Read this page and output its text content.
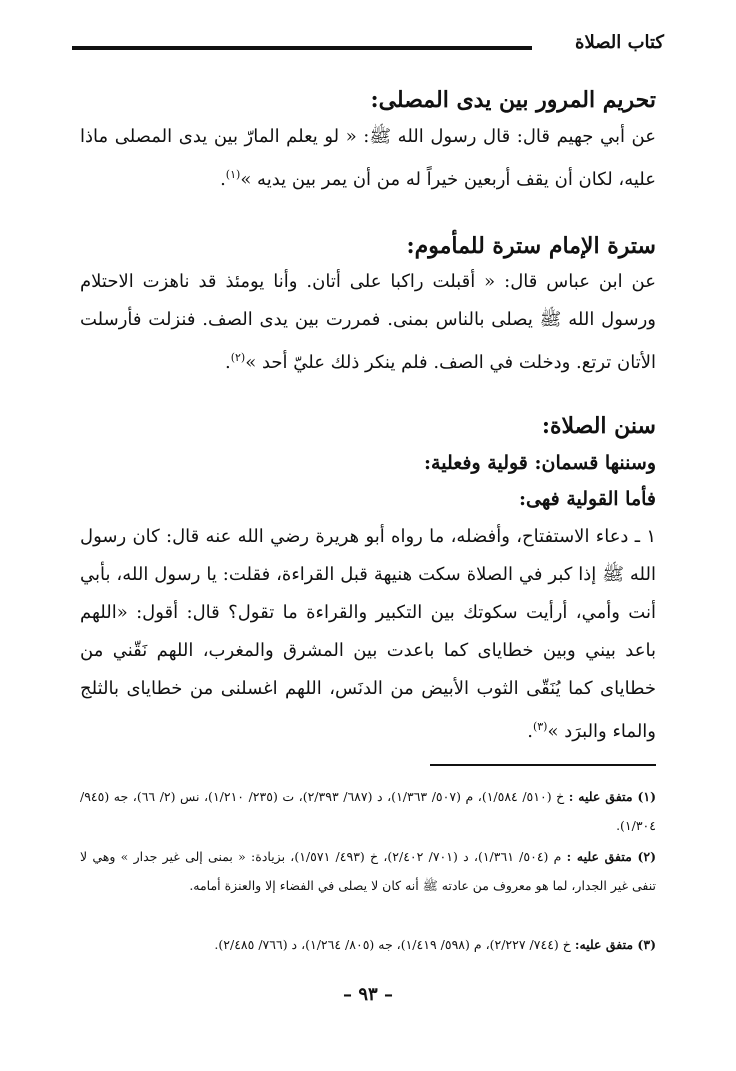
كتاب الصلاة
تحريم المرور بين يدى المصلى:

عن أبي جهيم قال: قال رسول الله ﷺ: « لو يعلم المارّ بين يدى المصلى ماذا عليه، لكان أن يقف أربعين خيراً له من أن يمر بين يديه »$^{(١)}$.

سترة الإمام سترة للمأموم:

عن ابن عباس قال: « أقبلت راكبا على أتان. وأنا يومئذ قد ناهزت الاحتلام ورسول الله ﷺ يصلى بالناس بمنى. فمررت بين يدى الصف. فنزلت فأرسلت الأتان ترتع. ودخلت في الصف. فلم ينكر ذلك عليّ أحد »$^{(٢)}$.

سنن الصلاة:
وسننها قسمان: قولية وفعلية:
فأما القولية فهى:

١ ـ دعاء الاستفتاح، وأفضله، ما رواه أبو هريرة رضي الله عنه قال: كان رسول الله ﷺ إذا كبر في الصلاة سكت هنيهة قبل القراءة، فقلت: يا رسول الله، بأبي أنت وأمي، أرأيت سكوتك بين التكبير والقراءة ما تقول؟ قال: أقول: «اللهم باعد بيني وبين خطاياى كما باعدت بين المشرق والمغرب، اللهم نَقّني من خطاياى كما يُنَقّى الثوب الأبيض من الدنَس، اللهم اغسلنى من خطاياى بالثلج والماء والبرَد »$^{(٣)}$.

(١) متفق عليه : خ (٥١٠/ ١/٥٨٤)، م (٥٠٧/ ١/٣٦٣)، د (٦٨٧/ ٢/٣٩٣)، ت (٢٣٥/ ١/٢١٠)، نس (٢/ ٦٦)، جه (٩٤٥/ ١/٣٠٤).

(٢) متفق عليه : م (٥٠٤/ ١/٣٦١)، د (٧٠١/ ٢/٤٠٢)، خ (٤٩٣/ ١/٥٧١)، بزيادة: « بمنى إلى غير جدار » وهي لا تنفى غير الجدار، لما هو معروف من عادته ﷺ أنه كان لا يصلى في الفضاء إلا والعنزة أمامه.

(٣) متفق عليه: خ (٧٤٤/ ٢/٢٢٧)، م (٥٩٨/ ١/٤١٩)، جه (٨٠٥/ ١/٢٦٤)، د (٧٦٦/ ٢/٤٨٥).

– ٩٣ –
